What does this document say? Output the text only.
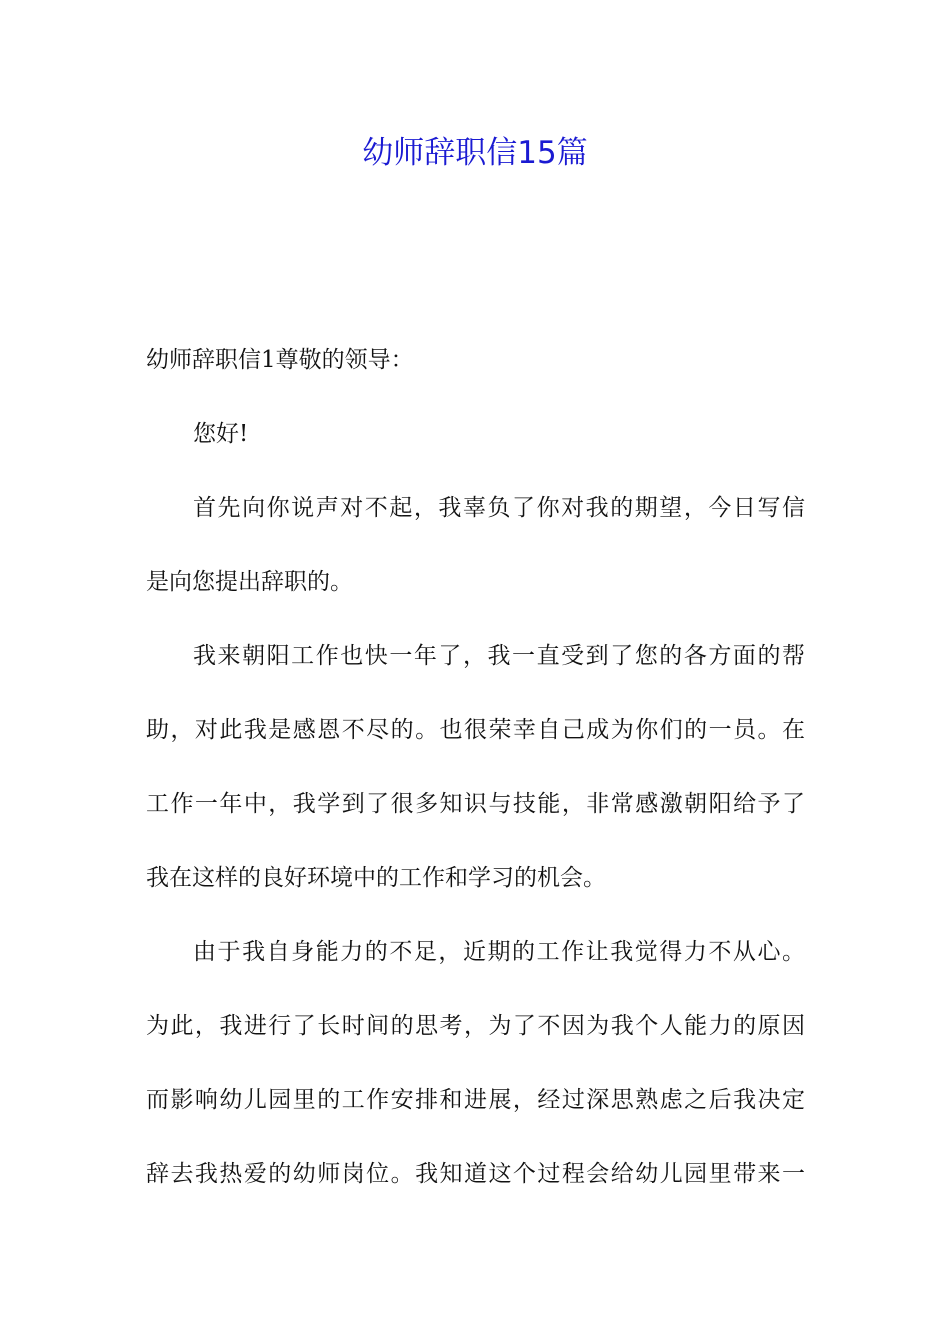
幼师辞职信15篇
幼师辞职信1尊敬的领导：
您好!
首先向你说声对不起，我辜负了你对我的期望，今日写信
是向您提出辞职的。
我来朝阳工作也快一年了，我一直受到了您的各方面的帮
助，对此我是感恩不尽的。也很荣幸自己成为你们的一员。在
工作一年中，我学到了很多知识与技能，非常感激朝阳给予了
我在这样的良好环境中的工作和学习的机会。
由于我自身能力的不足，近期的工作让我觉得力不从心。
为此，我进行了长时间的思考，为了不因为我个人能力的原因
而影响幼儿园里的工作安排和进展，经过深思熟虑之后我决定
辞去我热爱的幼师岗位。我知道这个过程会给幼儿园里带来一
